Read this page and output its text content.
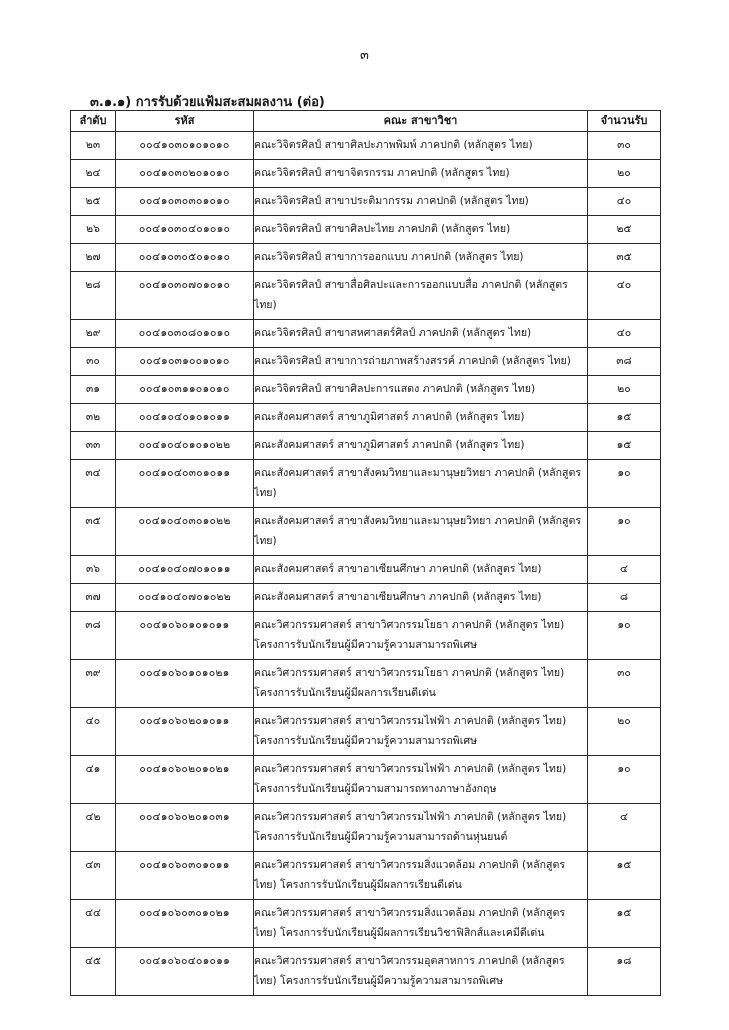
๓
๓.๑.๑) การรับด้วยแฟ้มสะสมผลงาน (ต่อ)
ลำดับ	รหัส	คณะ สาขาวิชา	จำนวนรับ
๒๓	๐๐๔๑๐๓๐๑๐๑๐๑๐	คณะวิจิตรศิลป์ สาขาศิลปะภาพพิมพ์ ภาคปกติ (หลักสูตร ไทย)	๓๐
๒๔	๐๐๔๑๐๓๐๒๐๑๐๑๐	คณะวิจิตรศิลป์ สาขาจิตรกรรม ภาคปกติ (หลักสูตร ไทย)	๒๐
๒๕	๐๐๔๑๐๓๐๓๐๑๐๑๐	คณะวิจิตรศิลป์ สาขาประติมากรรม ภาคปกติ (หลักสูตร ไทย)	๔๐
๒๖	๐๐๔๑๐๓๐๔๐๑๐๑๐	คณะวิจิตรศิลป์ สาขาศิลปะไทย ภาคปกติ (หลักสูตร ไทย)	๒๕
๒๗	๐๐๔๑๐๓๐๕๐๑๐๑๐	คณะวิจิตรศิลป์ สาขาการออกแบบ ภาคปกติ (หลักสูตร ไทย)	๓๕
๒๘	๐๐๔๑๐๓๐๗๐๑๐๑๐	คณะวิจิตรศิลป์ สาขาสื่อศิลปะและการออกแบบสื่อ ภาคปกติ (หลักสูตร ไทย)	๔๐
๒๙	๐๐๔๑๐๓๐๘๐๑๐๑๐	คณะวิจิตรศิลป์ สาขาสหศาสตร์ศิลป์ ภาคปกติ (หลักสูตร ไทย)	๔๐
๓๐	๐๐๔๑๐๓๑๐๐๑๐๑๐	คณะวิจิตรศิลป์ สาขาการถ่ายภาพสร้างสรรค์ ภาคปกติ (หลักสูตร ไทย)	๓๘
๓๑	๐๐๔๑๐๓๑๑๐๑๐๑๐	คณะวิจิตรศิลป์ สาขาศิลปะการแสดง ภาคปกติ (หลักสูตร ไทย)	๒๐
๓๒	๐๐๔๑๐๔๐๑๐๑๐๑๑	คณะสังคมศาสตร์ สาขาภูมิศาสตร์ ภาคปกติ (หลักสูตร ไทย)	๑๕
๓๓	๐๐๔๑๐๔๐๑๐๑๐๒๒	คณะสังคมศาสตร์ สาขาภูมิศาสตร์ ภาคปกติ (หลักสูตร ไทย)	๑๕
๓๔	๐๐๔๑๐๔๐๓๐๑๐๑๑	คณะสังคมศาสตร์ สาขาสังคมวิทยาและมานุษยวิทยา ภาคปกติ (หลักสูตร ไทย)	๑๐
๓๕	๐๐๔๑๐๔๐๓๐๑๐๒๒	คณะสังคมศาสตร์ สาขาสังคมวิทยาและมานุษยวิทยา ภาคปกติ (หลักสูตร ไทย)	๑๐
๓๖	๐๐๔๑๐๔๐๗๐๑๐๑๑	คณะสังคมศาสตร์ สาขาอาเซียนศึกษา ภาคปกติ (หลักสูตร ไทย)	๔
๓๗	๐๐๔๑๐๔๐๗๐๑๐๒๒	คณะสังคมศาสตร์ สาขาอาเซียนศึกษา ภาคปกติ (หลักสูตร ไทย)	๘
๓๘	๐๐๔๑๐๖๐๑๐๑๐๑๑	คณะวิศวกรรมศาสตร์ สาขาวิศวกรรมโยธา ภาคปกติ (หลักสูตร ไทย) โครงการรับนักเรียนผู้มีความรู้ความสามารถพิเศษ	๑๐
๓๙	๐๐๔๑๐๖๐๑๐๑๐๒๑	คณะวิศวกรรมศาสตร์ สาขาวิศวกรรมโยธา ภาคปกติ (หลักสูตร ไทย) โครงการรับนักเรียนผู้มีผลการเรียนดีเด่น	๓๐
๔๐	๐๐๔๑๐๖๐๒๐๑๐๑๑	คณะวิศวกรรมศาสตร์ สาขาวิศวกรรมไฟฟ้า ภาคปกติ (หลักสูตร ไทย) โครงการรับนักเรียนผู้มีความรู้ความสามารถพิเศษ	๒๐
๔๑	๐๐๔๑๐๖๐๒๐๑๐๒๑	คณะวิศวกรรมศาสตร์ สาขาวิศวกรรมไฟฟ้า ภาคปกติ (หลักสูตร ไทย) โครงการรับนักเรียนผู้มีความสามารถทางภาษาอังกฤษ	๑๐
๔๒	๐๐๔๑๐๖๐๒๐๑๐๓๑	คณะวิศวกรรมศาสตร์ สาขาวิศวกรรมไฟฟ้า ภาคปกติ (หลักสูตร ไทย) โครงการรับนักเรียนผู้มีความรู้ความสามารถด้านหุ่นยนต์	๔
๔๓	๐๐๔๑๐๖๐๓๐๑๐๑๑	คณะวิศวกรรมศาสตร์ สาขาวิศวกรรมสิ่งแวดล้อม ภาคปกติ (หลักสูตร ไทย) โครงการรับนักเรียนผู้มีผลการเรียนดีเด่น	๑๕
๔๔	๐๐๔๑๐๖๐๓๐๑๐๒๑	คณะวิศวกรรมศาสตร์ สาขาวิศวกรรมสิ่งแวดล้อม ภาคปกติ (หลักสูตร ไทย) โครงการรับนักเรียนผู้มีผลการเรียนวิชาฟิสิกส์และเคมีดีเด่น	๑๕
๔๕	๐๐๔๑๐๖๐๔๐๑๐๑๑	คณะวิศวกรรมศาสตร์ สาขาวิศวกรรมอุตสาหการ ภาคปกติ (หลักสูตร ไทย) โครงการรับนักเรียนผู้มีความรู้ความสามารถพิเศษ	๑๘
